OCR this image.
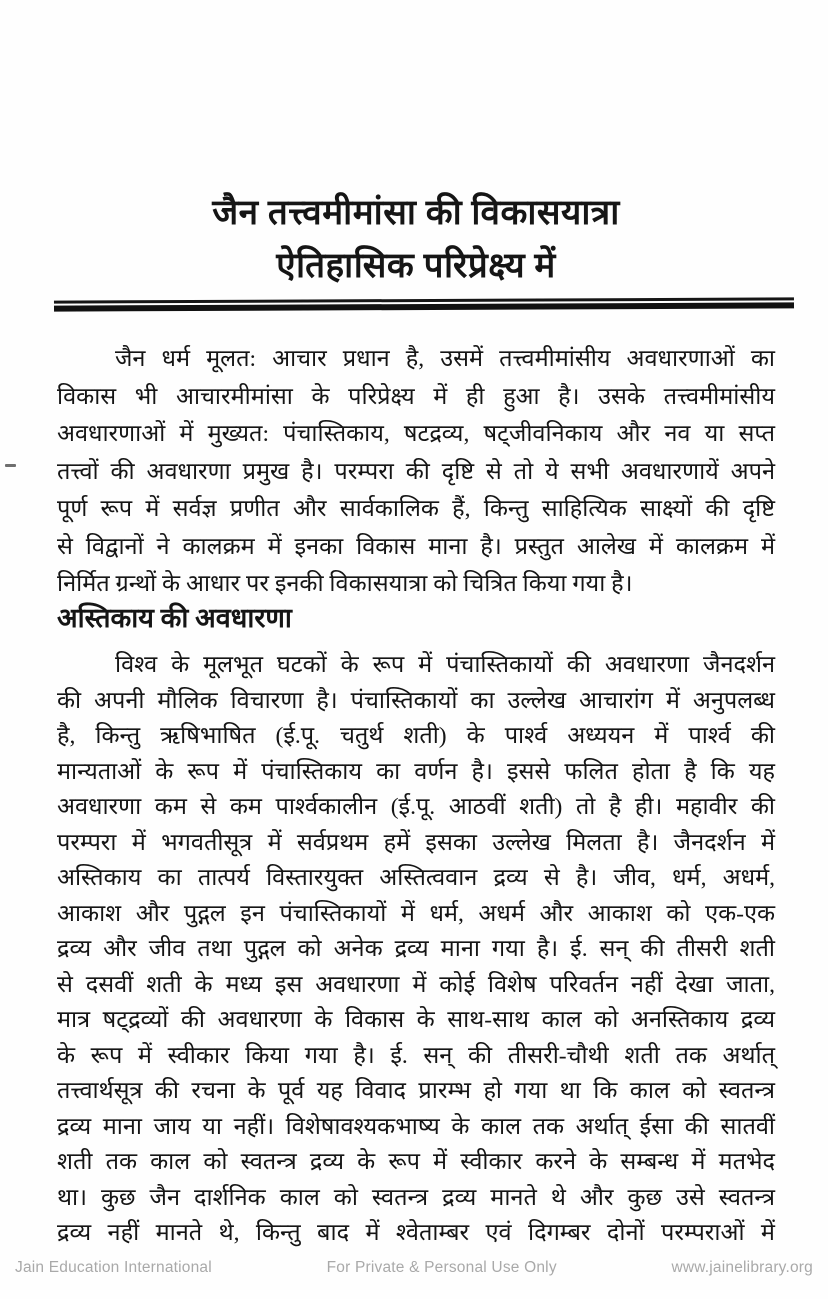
जैन तत्त्वमीमांसा की विकासयात्रा
ऐतिहासिक परिप्रेक्ष्य में
जैन धर्म मूलत: आचार प्रधान है, उसमें तत्त्वमीमांसीय अवधारणाओं का
विकास भी आचारमीमांसा के परिप्रेक्ष्य में ही हुआ है। उसके तत्त्वमीमांसीय
अवधारणाओं में मुख्यत: पंचास्तिकाय, षटद्रव्य, षट्जीवनिकाय और नव या सप्त
तत्त्वों की अवधारणा प्रमुख है। परम्परा की दृष्टि से तो ये सभी अवधारणायें अपने
पूर्ण रूप में सर्वज्ञ प्रणीत और सार्वकालिक हैं, किन्तु साहित्यिक साक्ष्यों की दृष्टि
से विद्वानों ने कालक्रम में इनका विकास माना है। प्रस्तुत आलेख में कालक्रम में
निर्मित ग्रन्थों के आधार पर इनकी विकासयात्रा को चित्रित किया गया है।
अस्तिकाय की अवधारणा
विश्व के मूलभूत घटकों के रूप में पंचास्तिकायों की अवधारणा जैनदर्शन
की अपनी मौलिक विचारणा है। पंचास्तिकायों का उल्लेख आचारांग में अनुपलब्ध
है, किन्तु ऋषिभाषित (ई.पू. चतुर्थ शती) के पार्श्व अध्ययन में पार्श्व की
मान्यताओं के रूप में पंचास्तिकाय का वर्णन है। इससे फलित होता है कि यह
अवधारणा कम से कम पार्श्वकालीन (ई.पू. आठवीं शती) तो है ही। महावीर की
परम्परा में भगवतीसूत्र में सर्वप्रथम हमें इसका उल्लेख मिलता है। जैनदर्शन में
अस्तिकाय का तात्पर्य विस्तारयुक्त अस्तित्ववान द्रव्य से है। जीव, धर्म, अधर्म,
आकाश और पुद्गल इन पंचास्तिकायों में धर्म, अधर्म और आकाश को एक-एक
द्रव्य और जीव तथा पुद्गल को अनेक द्रव्य माना गया है। ई. सन् की तीसरी शती
से दसवीं शती के मध्य इस अवधारणा में कोई विशेष परिवर्तन नहीं देखा जाता,
मात्र षट्द्रव्यों की अवधारणा के विकास के साथ-साथ काल को अनस्तिकाय द्रव्य
के रूप में स्वीकार किया गया है। ई. सन् की तीसरी-चौथी शती तक अर्थात्
तत्त्वार्थसूत्र की रचना के पूर्व यह विवाद प्रारम्भ हो गया था कि काल को स्वतन्त्र
द्रव्य माना जाय या नहीं। विशेषावश्यकभाष्य के काल तक अर्थात् ईसा की सातवीं
शती तक काल को स्वतन्त्र द्रव्य के रूप में स्वीकार करने के सम्बन्ध में मतभेद
था। कुछ जैन दार्शनिक काल को स्वतन्त्र द्रव्य मानते थे और कुछ उसे स्वतन्त्र
द्रव्य नहीं मानते थे, किन्तु बाद में श्वेताम्बर एवं दिगम्बर दोनों परम्पराओं में
Jain Education International	For Private & Personal Use Only	www.jainelibrary.org
